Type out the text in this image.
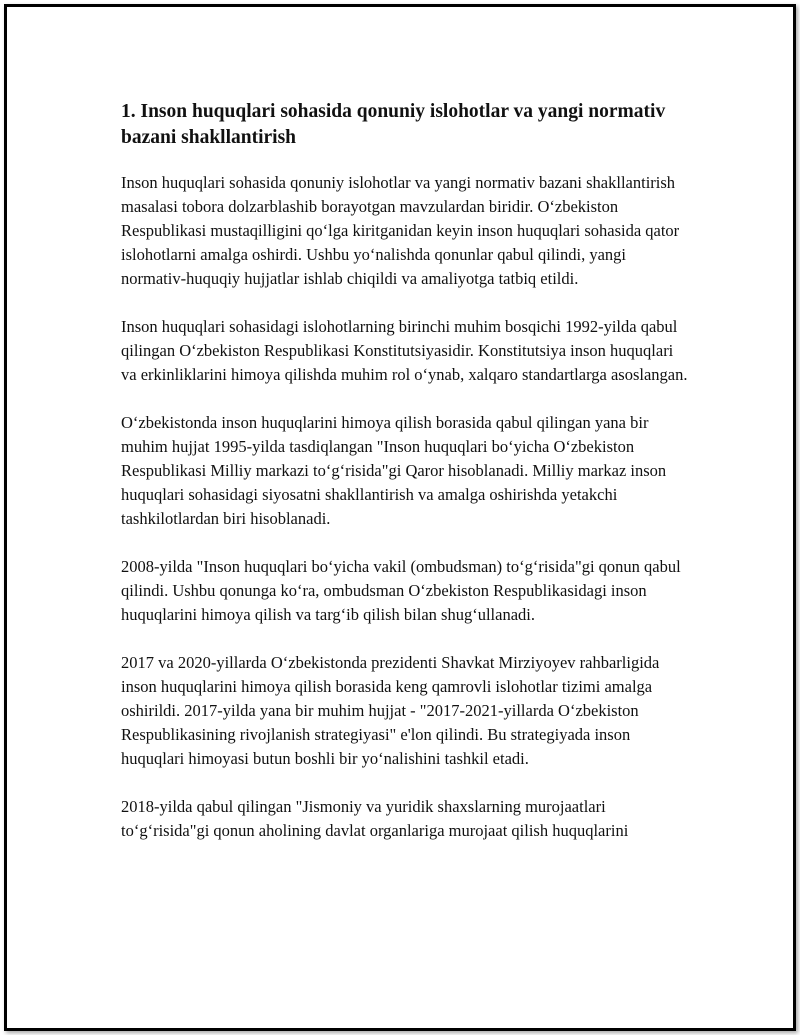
1. Inson huquqlari sohasida qonuniy islohotlar va yangi normativ bazani shakllantirish

Inson huquqlari sohasida qonuniy islohotlar va yangi normativ bazani shakllantirish masalasi tobora dolzarblashib borayotgan mavzulardan biridir. O‘zbekiston Respublikasi mustaqilligini qo‘lga kiritganidan keyin inson huquqlari sohasida qator islohotlarni amalga oshirdi. Ushbu yo‘nalishda qonunlar qabul qilindi, yangi normativ-huquqiy hujjatlar ishlab chiqildi va amaliyotga tatbiq etildi.

Inson huquqlari sohasidagi islohotlarning birinchi muhim bosqichi 1992-yilda qabul qilingan O‘zbekiston Respublikasi Konstitutsiyasidir. Konstitutsiya inson huquqlari va erkinliklarini himoya qilishda muhim rol o‘ynab, xalqaro standartlarga asoslangan.

O‘zbekistonda inson huquqlarini himoya qilish borasida qabul qilingan yana bir muhim hujjat 1995-yilda tasdiqlangan "Inson huquqlari bo‘yicha O‘zbekiston Respublikasi Milliy markazi to‘g‘risida"gi Qaror hisoblanadi. Milliy markaz inson huquqlari sohasidagi siyosatni shakllantirish va amalga oshirishda yetakchi tashkilotlardan biri hisoblanadi.

2008-yilda "Inson huquqlari bo‘yicha vakil (ombudsman) to‘g‘risida"gi qonun qabul qilindi. Ushbu qonunga ko‘ra, ombudsman O‘zbekiston Respublikasidagi inson huquqlarini himoya qilish va targ‘ib qilish bilan shug‘ullanadi.

2017 va 2020-yillarda O‘zbekistonda prezidenti Shavkat Mirziyoyev rahbarligida inson huquqlarini himoya qilish borasida keng qamrovli islohotlar tizimi amalga oshirildi. 2017-yilda yana bir muhim hujjat - "2017-2021-yillarda O‘zbekiston Respublikasining rivojlanish strategiyasi" e'lon qilindi. Bu strategiyada inson huquqlari himoyasi butun boshli bir yo‘nalishini tashkil etadi.

2018-yilda qabul qilingan "Jismoniy va yuridik shaxslarning murojaatlari to‘g‘risida"gi qonun aholining davlat organlariga murojaat qilish huquqlarini
